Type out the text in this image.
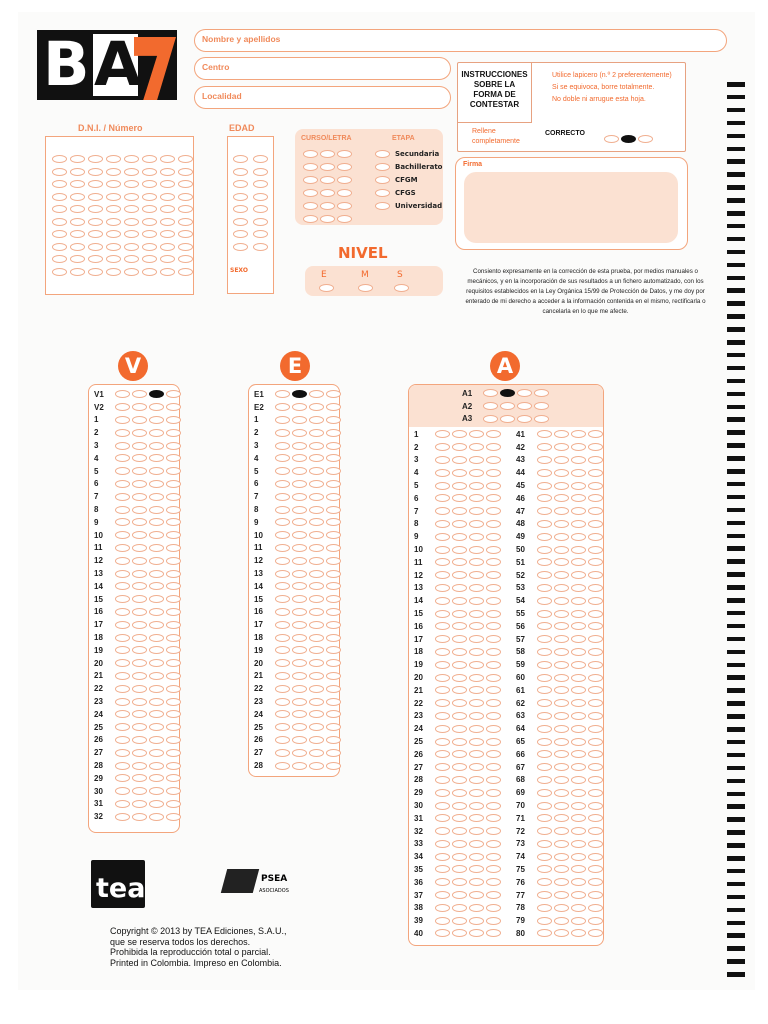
B A	Nombre y apellidos
Centro
Localidad
INSTRUCCIONES
SOBRE LA
FORMA DE
CONTESTAR
Utilice lapicero (n.º 2 preferentemente)
Si se equivoca, borre totalmente.
No doble ni arrugue esta hoja.
Rellene completamente
CORRECTO
Firma
Consiento expresamente en la corrección de esta prueba, por medios manuales o mecánicos, y en la incorporación de sus resultados a un fichero automatizado, con los requisitos establecidos en la Ley Orgánica 15/99 de Protección de Datos, y me doy por enterado de mi derecho a acceder a la información contenida en el mismo, rectificarla o cancelarla en lo que me afecte.
D.N.I. / Número	EDAD
SEXO
CURSO/LETRA	ETAPA
Secundaria
Bachillerato
CFGM
CFGS
Universidad
NIVEL
E	M	S
V
V1
V2
1
2
3
4
5
6
7
8
9
10
11
12
13
14
15
16
17
18
19
20
21
22
23
24
25
26
27
28
29
30
31
32
E
E1
E2
1
2
3
4
5
6
7
8
9
10
11
12
13
14
15
16
17
18
19
20
21
22
23
24
25
26
27
28
A
A1
A2
A3
1
2
3
4
5
6
7
8
9
10
11
12
13
14
15
16
17
18
19
20
21
22
23
24
25
26
27
28
29
30
31
32
33
34
35
36
37
38
39
40
41
42
43
44
45
46
47
48
49
50
51
52
53
54
55
56
57
58
59
60
61
62
63
64
65
66
67
68
69
70
71
72
73
74
75
76
77
78
79
80
tea	PSEA
ASOCIADOS
Copyright © 2013 by TEA Ediciones, S.A.U.,
que se reserva todos los derechos.
Prohibida la reproducción total o parcial.
Printed in Colombia. Impreso en Colombia.
